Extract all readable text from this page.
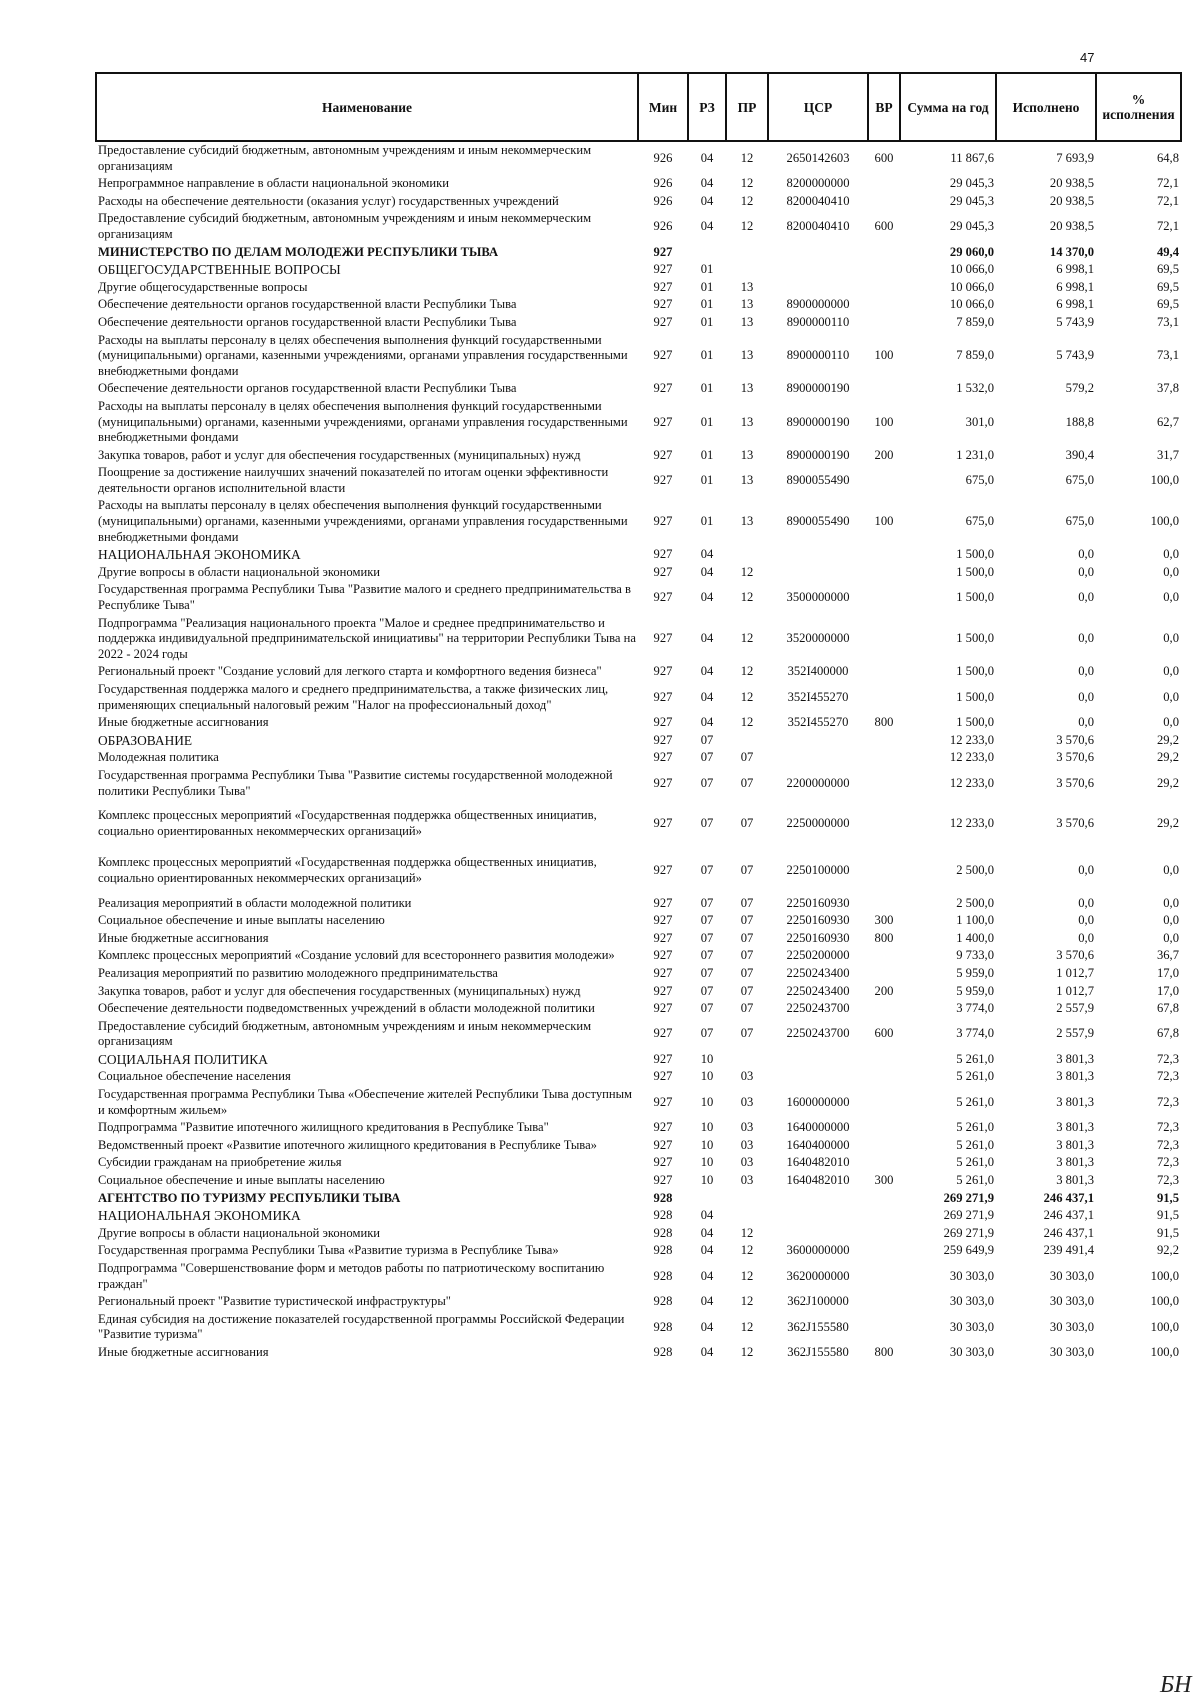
47
Наименование	Мин	РЗ	ПР	ЦСР	ВР	Сумма на год	Исполнено	% исполнения
Предоставление субсидий бюджетным, автономным учреждениям и иным некоммерческим организациям	926	04	12	2650142603	600	11 867,6	7 693,9	64,8
Непрограммное направление в области национальной экономики	926	04	12	8200000000		29 045,3	20 938,5	72,1
Расходы на обеспечение деятельности (оказания услуг) государственных учреждений	926	04	12	8200040410		29 045,3	20 938,5	72,1
Предоставление субсидий бюджетным, автономным учреждениям и иным некоммерческим организациям	926	04	12	8200040410	600	29 045,3	20 938,5	72,1
МИНИСТЕРСТВО ПО ДЕЛАМ МОЛОДЕЖИ РЕСПУБЛИКИ ТЫВА	927					29 060,0	14 370,0	49,4
ОБЩЕГОСУДАРСТВЕННЫЕ ВОПРОСЫ	927	01				10 066,0	6 998,1	69,5
Другие общегосударственные вопросы	927	01	13			10 066,0	6 998,1	69,5
Обеспечение деятельности органов государственной власти Республики Тыва	927	01	13	8900000000		10 066,0	6 998,1	69,5
Обеспечение деятельности органов государственной власти Республики Тыва	927	01	13	8900000110		7 859,0	5 743,9	73,1
Расходы на выплаты персоналу в целях обеспечения выполнения функций государственными (муниципальными) органами, казенными учреждениями, органами управления государственными внебюджетными фондами	927	01	13	8900000110	100	7 859,0	5 743,9	73,1
Обеспечение деятельности органов государственной власти Республики Тыва	927	01	13	8900000190		1 532,0	579,2	37,8
Расходы на выплаты персоналу в целях обеспечения выполнения функций государственными (муниципальными) органами, казенными учреждениями, органами управления государственными внебюджетными фондами	927	01	13	8900000190	100	301,0	188,8	62,7
Закупка товаров, работ и услуг для обеспечения государственных (муниципальных) нужд	927	01	13	8900000190	200	1 231,0	390,4	31,7
Поощрение за достижение наилучших значений показателей по итогам оценки эффективности деятельности органов исполнительной власти	927	01	13	8900055490		675,0	675,0	100,0
Расходы на выплаты персоналу в целях обеспечения выполнения функций государственными (муниципальными) органами, казенными учреждениями, органами управления государственными внебюджетными фондами	927	01	13	8900055490	100	675,0	675,0	100,0
НАЦИОНАЛЬНАЯ ЭКОНОМИКА	927	04				1 500,0	0,0	0,0
Другие вопросы в области национальной экономики	927	04	12			1 500,0	0,0	0,0
Государственная программа Республики Тыва "Развитие малого и среднего предпринимательства в Республике Тыва"	927	04	12	3500000000		1 500,0	0,0	0,0
Подпрограмма "Реализация национального проекта "Малое и среднее предпринимательство и поддержка индивидуальной предпринимательской инициативы" на территории Республики Тыва на 2022 - 2024 годы	927	04	12	3520000000		1 500,0	0,0	0,0
Региональный проект "Создание условий для легкого старта и комфортного ведения бизнеса"	927	04	12	352I400000		1 500,0	0,0	0,0
Государственная поддержка малого и среднего предпринимательства, а также физических лиц, применяющих специальный налоговый режим "Налог на профессиональный доход"	927	04	12	352I455270		1 500,0	0,0	0,0
Иные бюджетные ассигнования	927	04	12	352I455270	800	1 500,0	0,0	0,0
ОБРАЗОВАНИЕ	927	07				12 233,0	3 570,6	29,2
Молодежная политика	927	07	07			12 233,0	3 570,6	29,2
Государственная программа Республики Тыва "Развитие системы государственной молодежной политики Республики Тыва"	927	07	07	2200000000		12 233,0	3 570,6	29,2
Комплекс процессных мероприятий «Государственная поддержка общественных инициатив, социально ориентированных некоммерческих организаций»	927	07	07	2250000000		12 233,0	3 570,6	29,2
Комплекс процессных мероприятий «Государственная поддержка общественных инициатив, социально ориентированных некоммерческих организаций»	927	07	07	2250100000		2 500,0	0,0	0,0
Реализация мероприятий в области молодежной политики	927	07	07	2250160930		2 500,0	0,0	0,0
Социальное обеспечение и иные выплаты населению	927	07	07	2250160930	300	1 100,0	0,0	0,0
Иные бюджетные ассигнования	927	07	07	2250160930	800	1 400,0	0,0	0,0
Комплекс процессных мероприятий «Создание условий для всестороннего развития молодежи»	927	07	07	2250200000		9 733,0	3 570,6	36,7
Реализация мероприятий по развитию молодежного предпринимательства	927	07	07	2250243400		5 959,0	1 012,7	17,0
Закупка товаров, работ и услуг для обеспечения государственных (муниципальных) нужд	927	07	07	2250243400	200	5 959,0	1 012,7	17,0
Обеспечение деятельности подведомственных учреждений в области молодежной политики	927	07	07	2250243700		3 774,0	2 557,9	67,8
Предоставление субсидий бюджетным, автономным учреждениям и иным некоммерческим организациям	927	07	07	2250243700	600	3 774,0	2 557,9	67,8
СОЦИАЛЬНАЯ ПОЛИТИКА	927	10				5 261,0	3 801,3	72,3
Социальное обеспечение населения	927	10	03			5 261,0	3 801,3	72,3
Государственная программа Республики Тыва «Обеспечение жителей Республики Тыва доступным и комфортным жильем»	927	10	03	1600000000		5 261,0	3 801,3	72,3
Подпрограмма "Развитие ипотечного жилищного кредитования в Республике Тыва"	927	10	03	1640000000		5 261,0	3 801,3	72,3
Ведомственный проект «Развитие ипотечного жилищного кредитования в Республике Тыва»	927	10	03	1640400000		5 261,0	3 801,3	72,3
Субсидии гражданам на приобретение жилья	927	10	03	1640482010		5 261,0	3 801,3	72,3
Социальное обеспечение и иные выплаты населению	927	10	03	1640482010	300	5 261,0	3 801,3	72,3
АГЕНТСТВО ПО ТУРИЗМУ РЕСПУБЛИКИ ТЫВА	928					269 271,9	246 437,1	91,5
НАЦИОНАЛЬНАЯ ЭКОНОМИКА	928	04				269 271,9	246 437,1	91,5
Другие вопросы в области национальной экономики	928	04	12			269 271,9	246 437,1	91,5
Государственная программа Республики Тыва «Развитие туризма в Республике Тыва»	928	04	12	3600000000		259 649,9	239 491,4	92,2
Подпрограмма "Совершенствование форм и методов работы по патриотическому воспитанию граждан"	928	04	12	3620000000		30 303,0	30 303,0	100,0
Региональный проект "Развитие туристической инфраструктуры"	928	04	12	362J100000		30 303,0	30 303,0	100,0
Единая субсидия на достижение показателей государственной программы Российской Федерации "Развитие туризма"	928	04	12	362J155580		30 303,0	30 303,0	100,0
Иные бюджетные ассигнования	928	04	12	362J155580	800	30 303,0	30 303,0	100,0
БН
